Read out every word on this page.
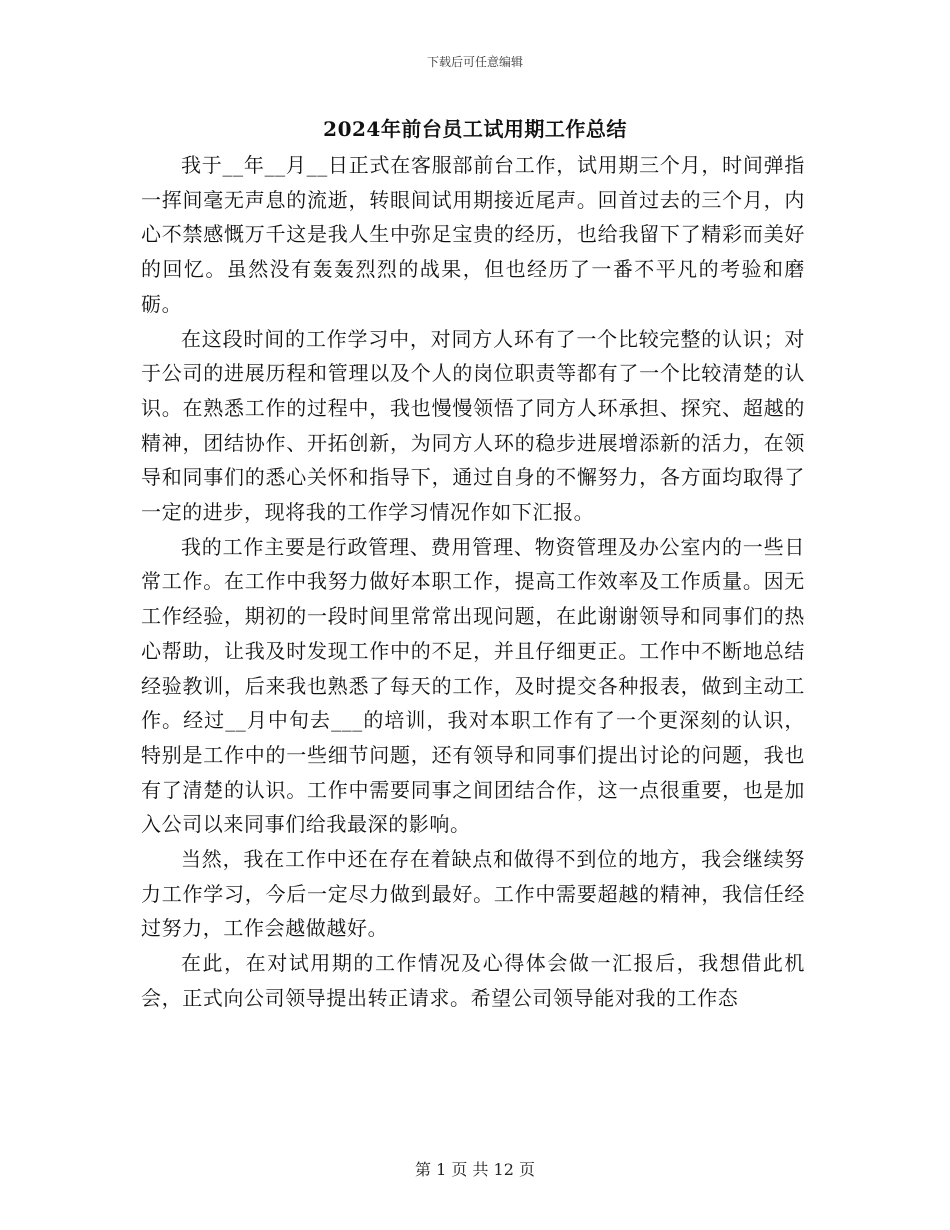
下载后可任意编辑
2024年前台员工试用期工作总结

我于__年__月__日正式在客服部前台工作，试用期三个月，时间弹指一挥间毫无声息的流逝，转眼间试用期接近尾声。回首过去的三个月，内心不禁感慨万千这是我人生中弥足宝贵的经历，也给我留下了精彩而美好的回忆。虽然没有轰轰烈烈的战果，但也经历了一番不平凡的考验和磨砺。

在这段时间的工作学习中，对同方人环有了一个比较完整的认识；对于公司的进展历程和管理以及个人的岗位职责等都有了一个比较清楚的认识。在熟悉工作的过程中，我也慢慢领悟了同方人环承担、探究、超越的精神，团结协作、开拓创新，为同方人环的稳步进展增添新的活力，在领导和同事们的悉心关怀和指导下，通过自身的不懈努力，各方面均取得了一定的进步，现将我的工作学习情况作如下汇报。

我的工作主要是行政管理、费用管理、物资管理及办公室内的一些日常工作。在工作中我努力做好本职工作，提高工作效率及工作质量。因无工作经验，期初的一段时间里常常出现问题，在此谢谢领导和同事们的热心帮助，让我及时发现工作中的不足，并且仔细更正。工作中不断地总结经验教训，后来我也熟悉了每天的工作，及时提交各种报表，做到主动工作。经过__月中旬去___的培训，我对本职工作有了一个更深刻的认识，特别是工作中的一些细节问题，还有领导和同事们提出讨论的问题，我也有了清楚的认识。工作中需要同事之间团结合作，这一点很重要，也是加入公司以来同事们给我最深的影响。

当然，我在工作中还在存在着缺点和做得不到位的地方，我会继续努力工作学习，今后一定尽力做到最好。工作中需要超越的精神，我信任经过努力，工作会越做越好。

在此，在对试用期的工作情况及心得体会做一汇报后，我想借此机会，正式向公司领导提出转正请求。希望公司领导能对我的工作态

第 1 页 共 12 页
